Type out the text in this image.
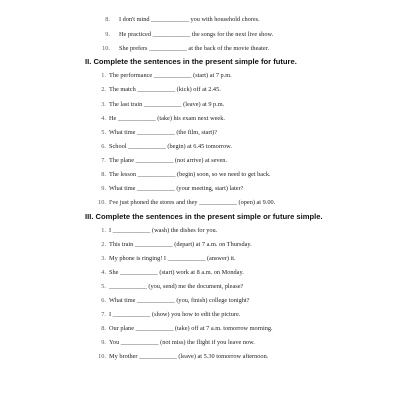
8. I don't mind ____________ you with household chores.
9. He practiced ____________ the songs for the next live show.
10. She prefers ____________ at the back of the movie theater.
II. Complete the sentences in the present simple for future.
1. The performance ____________ (start) at 7 p.m.
2. The match ____________ (kick) off at 2.45.
3. The last train ____________ (leave) at 9 p.m.
4. He ____________ (take) his exam next week.
5. What time ____________ (the film, start)?
6. School ____________ (begin) at 6.45 tomorrow.
7. The plane ____________ (not arrive) at seven.
8. The lesson ____________ (begin) soon, so we need to get back.
9. What time ____________ (your meeting, start) later?
10. I've just phoned the stores and they ____________ (open) at 9.00.
III. Complete the sentences in the present simple or future simple.
1. I ____________ (wash) the dishes for you.
2. This train ____________ (depart) at 7 a.m. on Thursday.
3. My phone is ringing! I ____________ (answer) it.
4. She ____________ (start) work at 8 a.m. on Monday.
5. ____________ (you, send) me the document, please?
6. What time ____________ (you, finish) college tonight?
7. I ____________ (show) you how to edit the picture.
8. Our plane ____________ (take) off at 7 a.m. tomorrow morning.
9. You ____________ (not miss) the flight if you leave now.
10. My brother ____________ (leave) at 5.30 tomorrow afternoon.
